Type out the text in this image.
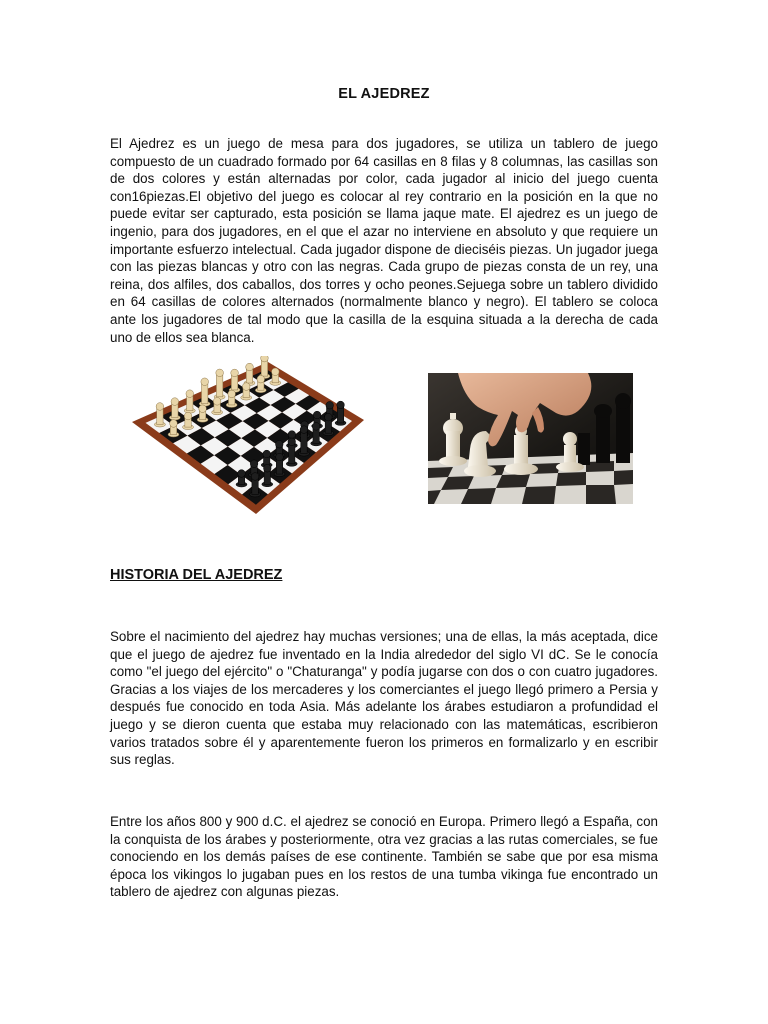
EL AJEDREZ

El Ajedrez es un juego de mesa para dos jugadores, se utiliza un tablero de juego compuesto de un cuadrado formado por 64 casillas en 8 filas y 8 columnas, las casillas son de dos colores y están alternadas por color, cada jugador al inicio del juego cuenta con16piezas.El objetivo del juego es colocar al rey contrario en la posición en la que no puede evitar ser capturado, esta posición se llama jaque mate. El ajedrez es un juego de ingenio, para dos jugadores, en el que el azar no interviene en absoluto y que requiere un importante esfuerzo intelectual. Cada jugador dispone de dieciséis piezas. Un jugador juega con las piezas blancas y otro con las negras. Cada grupo de piezas consta de un rey, una reina, dos alfiles, dos caballos, dos torres y ocho peones.Sejuega sobre un tablero dividido en 64 casillas de colores alternados (normalmente blanco y negro). El tablero se coloca ante los jugadores de tal modo que la casilla de la esquina situada a la derecha de cada uno de ellos sea blanca.

HISTORIA DEL AJEDREZ

Sobre el nacimiento del ajedrez hay muchas versiones; una de ellas, la más aceptada, dice que el juego de ajedrez fue inventado en la India alrededor del siglo VI dC. Se le conocía como "el juego del ejército" o "Chaturanga" y podía jugarse con dos o con cuatro jugadores. Gracias a los viajes de los mercaderes y los comerciantes el juego llegó primero a Persia y después fue conocido en toda Asia. Más adelante los árabes estudiaron a profundidad el juego y se dieron cuenta que estaba muy relacionado con las matemáticas, escribieron varios tratados sobre él y aparentemente fueron los primeros en formalizarlo y en escribir sus reglas.

Entre los años 800 y 900 d.C. el ajedrez se conoció en Europa. Primero llegó a España, con la conquista de los árabes y posteriormente, otra vez gracias a las rutas comerciales, se fue conociendo en los demás países de ese continente. También se sabe que por esa misma época los vikingos lo jugaban pues en los restos de una tumba vikinga fue encontrado un tablero de ajedrez con algunas piezas.
